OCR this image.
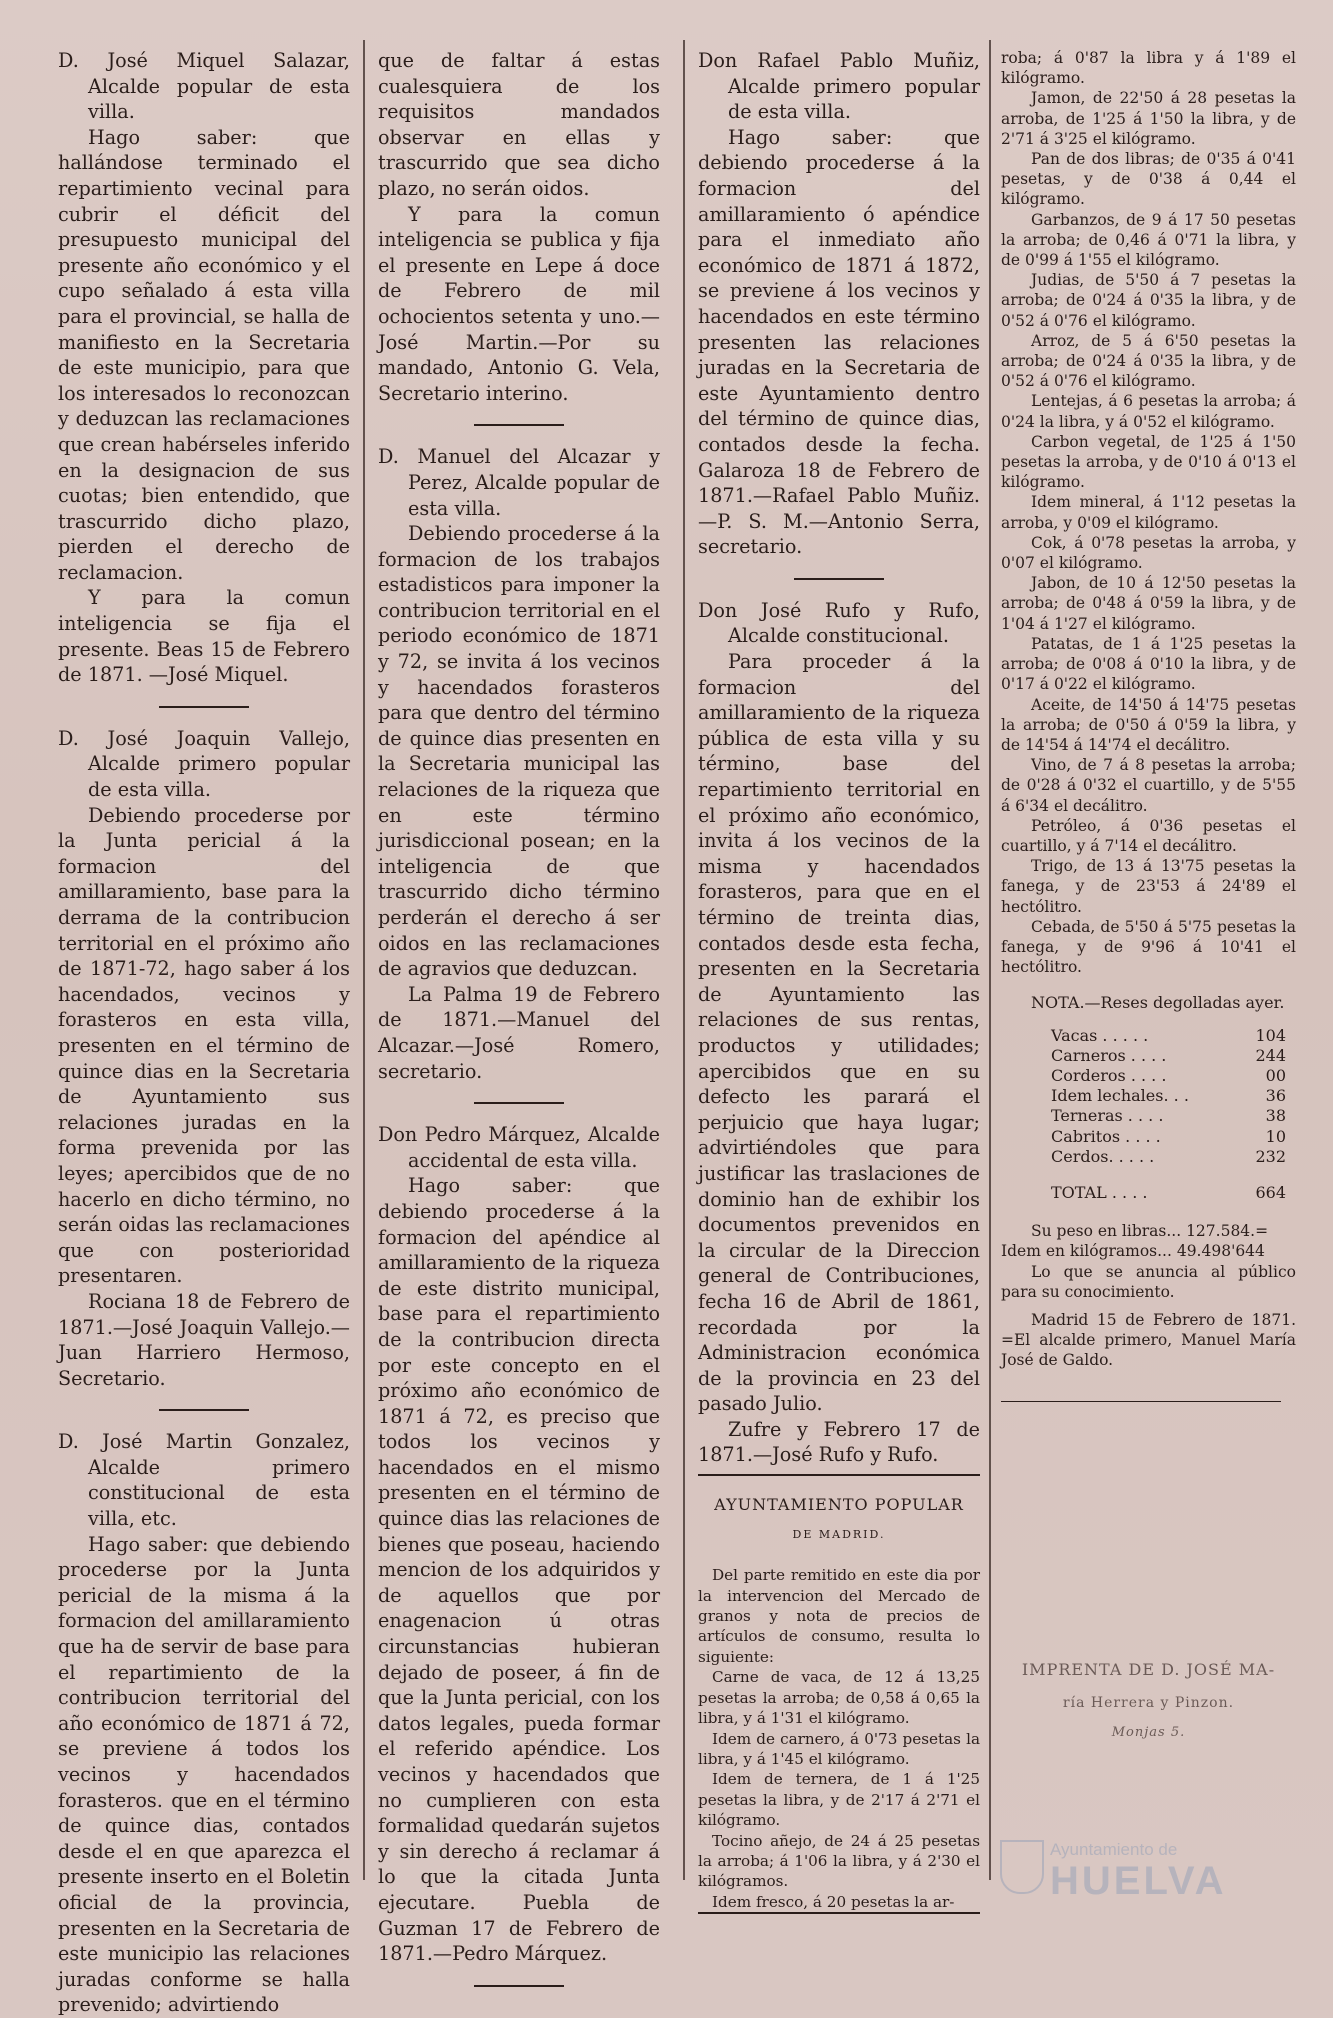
D. José Miquel Salazar, Alcalde popular de esta villa.

Hago saber: que hallándose terminado el repartimiento vecinal para cubrir el déficit del presupuesto municipal del presente año económico y el cupo señalado á esta villa para el provincial, se halla de manifiesto en la Secretaria de este municipio, para que los interesados lo reconozcan y deduzcan las reclamaciones que crean habérseles inferido en la designacion de sus cuotas; bien entendido, que trascurrido dicho plazo, pierden el derecho de reclamacion.

Y para la comun inteligencia se fija el presente. Beas 15 de Febrero de 1871. —José Miquel.

D. José Joaquin Vallejo, Alcalde primero popular de esta villa.

Debiendo procederse por la Junta pericial á la formacion del amillaramiento, base para la derrama de la contribucion territorial en el próximo año de 1871-72, hago saber á los hacendados, vecinos y forasteros en esta villa, presenten en el término de quince dias en la Secretaria de Ayuntamiento sus relaciones juradas en la forma prevenida por las leyes; apercibidos que de no hacerlo en dicho término, no serán oidas las reclamaciones que con posterioridad presentaren.

Rociana 18 de Febrero de 1871.—José Joaquin Vallejo.—Juan Harriero Hermoso, Secretario.

D. José Martin Gonzalez, Alcalde primero constitucional de esta villa, etc.

Hago saber: que debiendo procederse por la Junta pericial de la misma á la formacion del amillaramiento que ha de servir de base para el repartimiento de la contribucion territorial del año económico de 1871 á 72, se previene á todos los vecinos y hacendados forasteros. que en el término de quince dias, contados desde el en que aparezca el presente inserto en el Boletin oficial de la provincia, presenten en la Secretaria de este municipio las relaciones juradas conforme se halla prevenido; advirtiendo

que de faltar á estas cualesquiera de los requisitos mandados observar en ellas y trascurrido que sea dicho plazo, no serán oidos.

Y para la comun inteligencia se publica y fija el presente en Lepe á doce de Febrero de mil ochocientos setenta y uno.—José Martin.—Por su mandado, Antonio G. Vela, Secretario interino.

D. Manuel del Alcazar y Perez, Alcalde popular de esta villa.

Debiendo procederse á la formacion de los trabajos estadisticos para imponer la contribucion territorial en el periodo económico de 1871 y 72, se invita á los vecinos y hacendados forasteros para que dentro del término de quince dias presenten en la Secretaria municipal las relaciones de la riqueza que en este término jurisdiccional posean; en la inteligencia de que trascurrido dicho término perderán el derecho á ser oidos en las reclamaciones de agravios que deduzcan.

La Palma 19 de Febrero de 1871.—Manuel del Alcazar.—José Romero, secretario.

Don Pedro Márquez, Alcalde accidental de esta villa.

Hago saber: que debiendo procederse á la formacion del apéndice al amillaramiento de la riqueza de este distrito municipal, base para el repartimiento de la contribucion directa por este concepto en el próximo año económico de 1871 á 72, es preciso que todos los vecinos y hacendados en el mismo presenten en el término de quince dias las relaciones de bienes que poseau, haciendo mencion de los adquiridos y de aquellos que por enagenacion ú otras circunstancias hubieran dejado de poseer, á fin de que la Junta pericial, con los datos legales, pueda formar el referido apéndice. Los vecinos y hacendados que no cumplieren con esta formalidad quedarán sujetos y sin derecho á reclamar á lo que la citada Junta ejecutare. Puebla de Guzman 17 de Febrero de 1871.—Pedro Márquez.

Don Rafael Pablo Muñiz, Alcalde primero popular de esta villa.

Hago saber: que debiendo procederse á la formacion del amillaramiento ó apéndice para el inmediato año económico de 1871 á 1872, se previene á los vecinos y hacendados en este término presenten las relaciones juradas en la Secretaria de este Ayuntamiento dentro del término de quince dias, contados desde la fecha. Galaroza 18 de Febrero de 1871.—Rafael Pablo Muñiz.—P. S. M.—Antonio Serra, secretario.

Don José Rufo y Rufo, Alcalde constitucional.

Para proceder á la formacion del amillaramiento de la riqueza pública de esta villa y su término, base del repartimiento territorial en el próximo año económico, invita á los vecinos de la misma y hacendados forasteros, para que en el término de treinta dias, contados desde esta fecha, presenten en la Secretaria de Ayuntamiento las relaciones de sus rentas, productos y utilidades; apercibidos que en su defecto les parará el perjuicio que haya lugar; advirtiéndoles que para justificar las traslaciones de dominio han de exhibir los documentos prevenidos en la circular de la Direccion general de Contribuciones, fecha 16 de Abril de 1861, recordada por la Administracion económica de la provincia en 23 del pasado Julio.

Zufre y Febrero 17 de 1871.—José Rufo y Rufo.

AYUNTAMIENTO POPULAR

DE MADRID.

Del parte remitido en este dia por la intervencion del Mercado de granos y nota de precios de artículos de consumo, resulta lo siguiente:

Carne de vaca, de 12 á 13,25 pesetas la arroba; de 0,58 á 0,65 la libra, y á 1'31 el kilógramo.

Idem de carnero, á 0'73 pesetas la libra, y á 1'45 el kilógramo.

Idem de ternera, de 1 á 1'25 pesetas la libra, y de 2'17 á 2'71 el kilógramo.

Tocino añejo, de 24 á 25 pesetas la arroba; á 1'06 la libra, y á 2'30 el kilógramos.

Idem fresco, á 20 pesetas la ar-

roba; á 0'87 la libra y á 1'89 el kilógramo.

Jamon, de 22'50 á 28 pesetas la arroba, de 1'25 á 1'50 la libra, y de 2'71 á 3'25 el kilógramo.

Pan de dos libras; de 0'35 á 0'41 pesetas, y de 0'38 á 0,44 el kilógramo.

Garbanzos, de 9 á 17 50 pesetas la arroba; de 0,46 á 0'71 la libra, y de 0'99 á 1'55 el kilógramo.

Judias, de 5'50 á 7 pesetas la arroba; de 0'24 á 0'35 la libra, y de 0'52 á 0'76 el kilógramo.

Arroz, de 5 á 6'50 pesetas la arroba; de 0'24 á 0'35 la libra, y de 0'52 á 0'76 el kilógramo.

Lentejas, á 6 pesetas la arroba; á 0'24 la libra, y á 0'52 el kilógramo.

Carbon vegetal, de 1'25 á 1'50 pesetas la arroba, y de 0'10 á 0'13 el kilógramo.

Idem mineral, á 1'12 pesetas la arroba, y 0'09 el kilógramo.

Cok, á 0'78 pesetas la arroba, y 0'07 el kilógramo.

Jabon, de 10 á 12'50 pesetas la arroba; de 0'48 á 0'59 la libra, y de 1'04 á 1'27 el kilógramo.

Patatas, de 1 á 1'25 pesetas la arroba; de 0'08 á 0'10 la libra, y de 0'17 á 0'22 el kilógramo.

Aceite, de 14'50 á 14'75 pesetas la arroba; de 0'50 á 0'59 la libra, y de 14'54 á 14'74 el decálitro.

Vino, de 7 á 8 pesetas la arroba; de 0'28 á 0'32 el cuartillo, y de 5'55 á 6'34 el decálitro.

Petróleo, á 0'36 pesetas el cuartillo, y á 7'14 el decálitro.

Trigo, de 13 á 13'75 pesetas la fanega, y de 23'53 á 24'89 el hectólitro.

Cebada, de 5'50 á 5'75 pesetas la fanega, y de 9'96 á 10'41 el hectólitro.

NOTA.—Reses degolladas ayer.

Vacas . . . . .	104
Carneros . . . .	244
Corderos . . . .	00
Idem lechales. . .	36
Terneras . . . .	38
Cabritos . . . .	10
Cerdos. . . . .	232
TOTAL . . . .	664

Su peso en libras... 127.584.=

Idem en kilógramos... 49.498'644

Lo que se anuncia al público para su conocimiento.

Madrid 15 de Febrero de 1871. =El alcalde primero, Manuel María José de Galdo.

IMPRENTA DE D. JOSÉ MA-
ría Herrera y Pinzon.
Monjas 5.
Ayuntamiento de
HUELVA
